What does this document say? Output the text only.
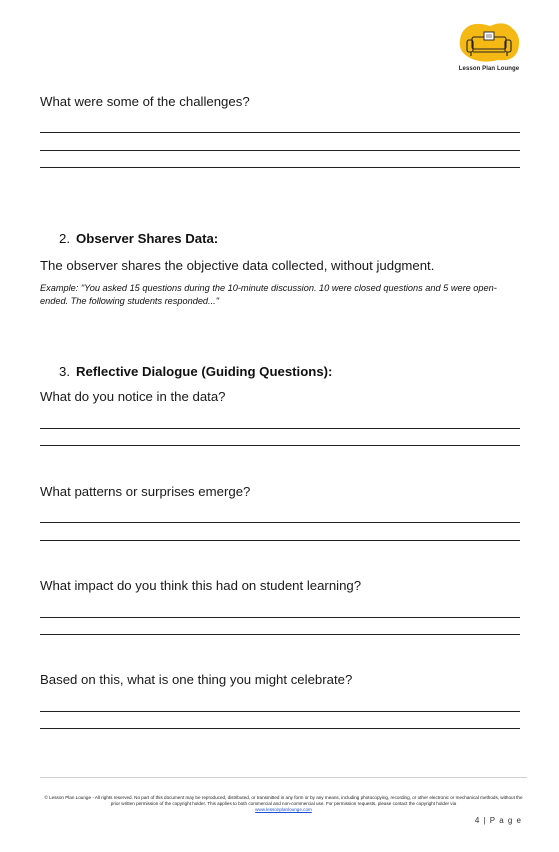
Lesson Plan Lounge
What were some of the challenges?
2. Observer Shares Data:
The observer shares the objective data collected, without judgment.
Example: "You asked 15 questions during the 10-minute discussion. 10 were closed questions and 5 were open-ended. The following students responded..."
3. Reflective Dialogue (Guiding Questions):
What do you notice in the data?
What patterns or surprises emerge?
What impact do you think this had on student learning?
Based on this, what is one thing you might celebrate?
© Lesson Plan Lounge - All rights reserved. No part of this document may be reproduced, distributed, or transmitted in any form or by any means, including photocopying, recording, or other electronic or mechanical methods, without the prior written permission of the copyright holder. This applies to both commercial and non-commercial use. For permission requests, please contact the copyright holder via
www.lessonplanlounge.com
4 | P a g e
